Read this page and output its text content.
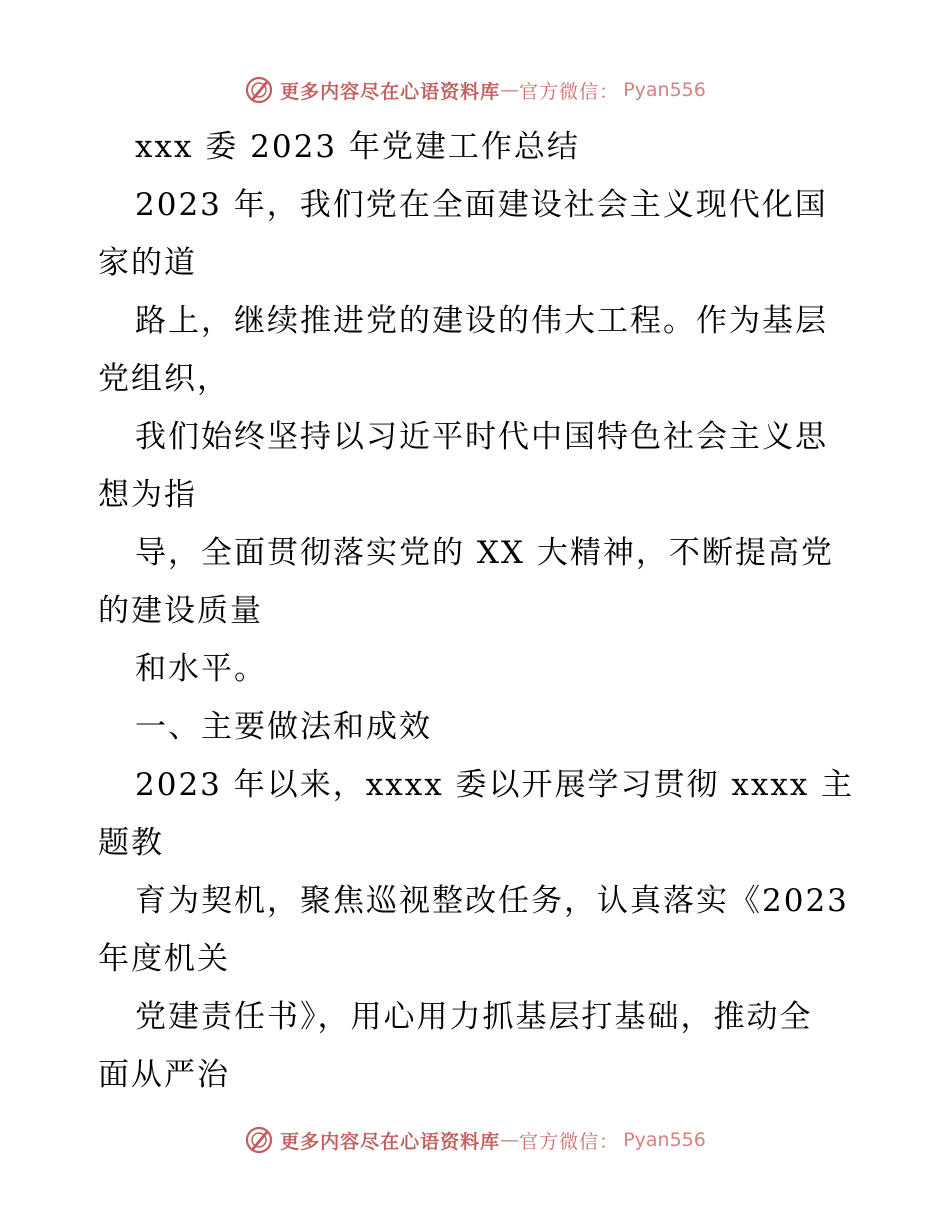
更多内容尽在心语资料库 — 官方微信： Pyan556
xxx 委 2023 年党建工作总结
2023 年，我们党在全面建设社会主义现代化国
家的道
路上，继续推进党的建设的伟大工程。作为基层
党组织，
我们始终坚持以习近平时代中国特色社会主义思
想为指
导，全面贯彻落实党的 XX 大精神，不断提高党
的建设质量
和水平。
一、主要做法和成效
2023 年以来，xxxx 委以开展学习贯彻 xxxx 主
题教
育为契机，聚焦巡视整改任务，认真落实《2023
年度机关
党建责任书》，用心用力抓基层打基础，推动全
面从严治
更多内容尽在心语资料库 — 官方微信： Pyan556
